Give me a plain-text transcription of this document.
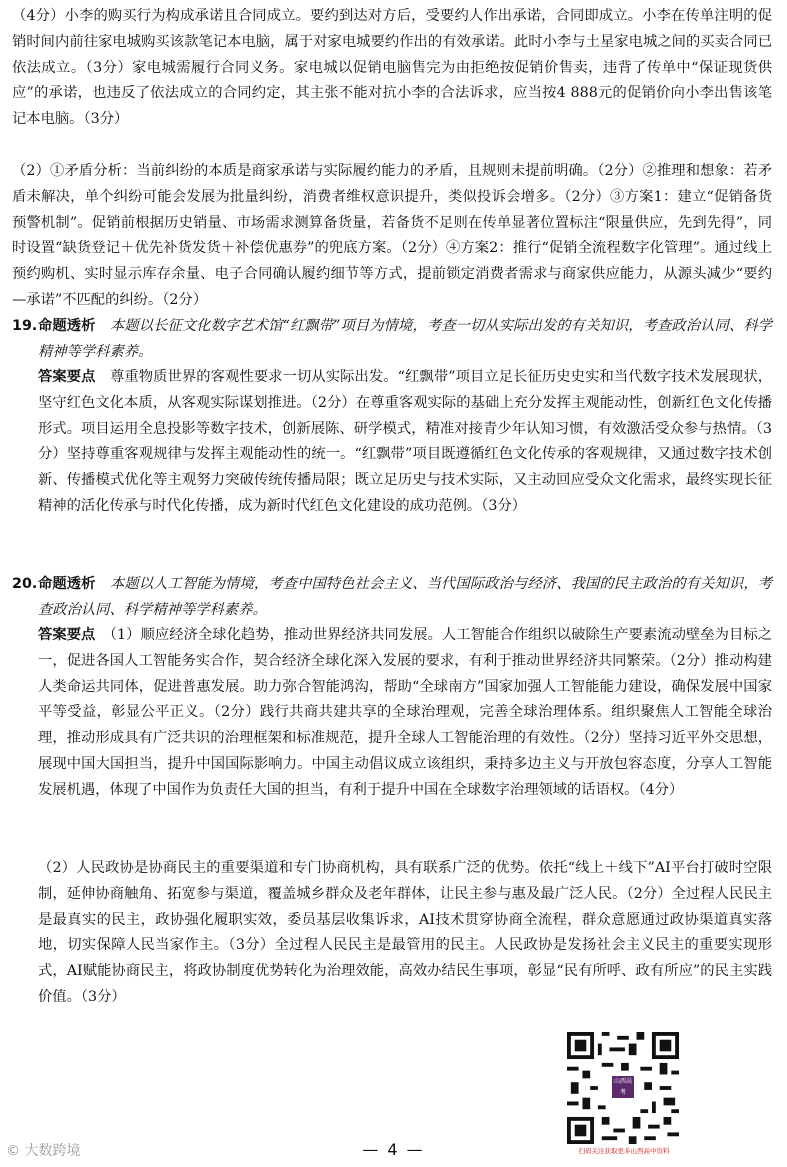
（4分）小李的购买行为构成承诺且合同成立。要约到达对方后，受要约人作出承诺，合同即成立。小李在传单注明的促销时间内前往家电城购买该款笔记本电脑，属于对家电城要约作出的有效承诺。此时小李与土星家电城之间的买卖合同已依法成立。（3分）家电城需履行合同义务。家电城以促销电脑售完为由拒绝按促销价售卖，违背了传单中“保证现货供应”的承诺，也违反了依法成立的合同约定，其主张不能对抗小李的合法诉求，应当按4 888元的促销价向小李出售该笔记本电脑。（3分）

（2）①矛盾分析：当前纠纷的本质是商家承诺与实际履约能力的矛盾，且规则未提前明确。（2分）②推理和想象：若矛盾未解决，单个纠纷可能会发展为批量纠纷，消费者维权意识提升，类似投诉会增多。（2分）③方案1：建立“促销备货预警机制”。促销前根据历史销量、市场需求测算备货量，若备货不足则在传单显著位置标注“限量供应，先到先得”，同时设置“缺货登记＋优先补货发货＋补偿优惠券”的兜底方案。（2分）④方案2：推行“促销全流程数字化管理”。通过线上预约购机、实时显示库存余量、电子合同确认履约细节等方式，提前锁定消费者需求与商家供应能力，从源头减少“要约—承诺”不匹配的纠纷。（2分）

19. 命题透析　 本题以长征文化数字艺术馆“红飘带”项目为情境，考查一切从实际出发的有关知识，考查政治认同、科学精神等学科素养。

答案要点　 尊重物质世界的客观性要求一切从实际出发。“红飘带”项目立足长征历史史实和当代数字技术发展现状，坚守红色文化本质，从客观实际谋划推进。（2分）在尊重客观实际的基础上充分发挥主观能动性，创新红色文化传播形式。项目运用全息投影等数字技术，创新展陈、研学模式，精准对接青少年认知习惯，有效激活受众参与热情。（3分）坚持尊重客观规律与发挥主观能动性的统一。“红飘带”项目既遵循红色文化传承的客观规律，又通过数字技术创新、传播模式优化等主观努力突破传统传播局限；既立足历史与技术实际，又主动回应受众文化需求，最终实现长征精神的活化传承与时代化传播，成为新时代红色文化建设的成功范例。（3分）

20. 命题透析　 本题以人工智能为情境，考查中国特色社会主义、当代国际政治与经济、我国的民主政治的有关知识，考查政治认同、科学精神等学科素养。

答案要点　 （1）顺应经济全球化趋势，推动世界经济共同发展。人工智能合作组织以破除生产要素流动壁垒为目标之一，促进各国人工智能务实合作，契合经济全球化深入发展的要求，有利于推动世界经济共同繁荣。（2分）推动构建人类命运共同体，促进普惠发展。助力弥合智能鸿沟，帮助“全球南方”国家加强人工智能能力建设，确保发展中国家平等受益，彰显公平正义。（2分）践行共商共建共享的全球治理观，完善全球治理体系。组织聚焦人工智能全球治理，推动形成具有广泛共识的治理框架和标准规范，提升全球人工智能治理的有效性。（2分）坚持习近平外交思想，展现中国大国担当，提升中国国际影响力。中国主动倡议成立该组织，秉持多边主义与开放包容态度，分享人工智能发展机遇，体现了中国作为负责任大国的担当，有利于提升中国在全球数字治理领域的话语权。（4分）

（2）人民政协是协商民主的重要渠道和专门协商机构，具有联系广泛的优势。依托“线上＋线下”AI平台打破时空限制，延伸协商触角、拓宽参与渠道，覆盖城乡群众及老年群体，让民主参与惠及最广泛人民。（2分）全过程人民民主是最真实的民主，政协强化履职实效，委员基层收集诉求，AI技术贯穿协商全流程，群众意愿通过政协渠道真实落地，切实保障人民当家作主。（3分）全过程人民民主是最管用的民主。人民政协是发扬社会主义民主的重要实现形式，AI赋能协商民主，将政协制度优势转化为治理效能，高效办结民生事项，彰显“民有所呼、政有所应”的民主实践价值。（3分）

山西高考
扫码关注获取更多山西高中资料
© 大数跨境	— 4 —
